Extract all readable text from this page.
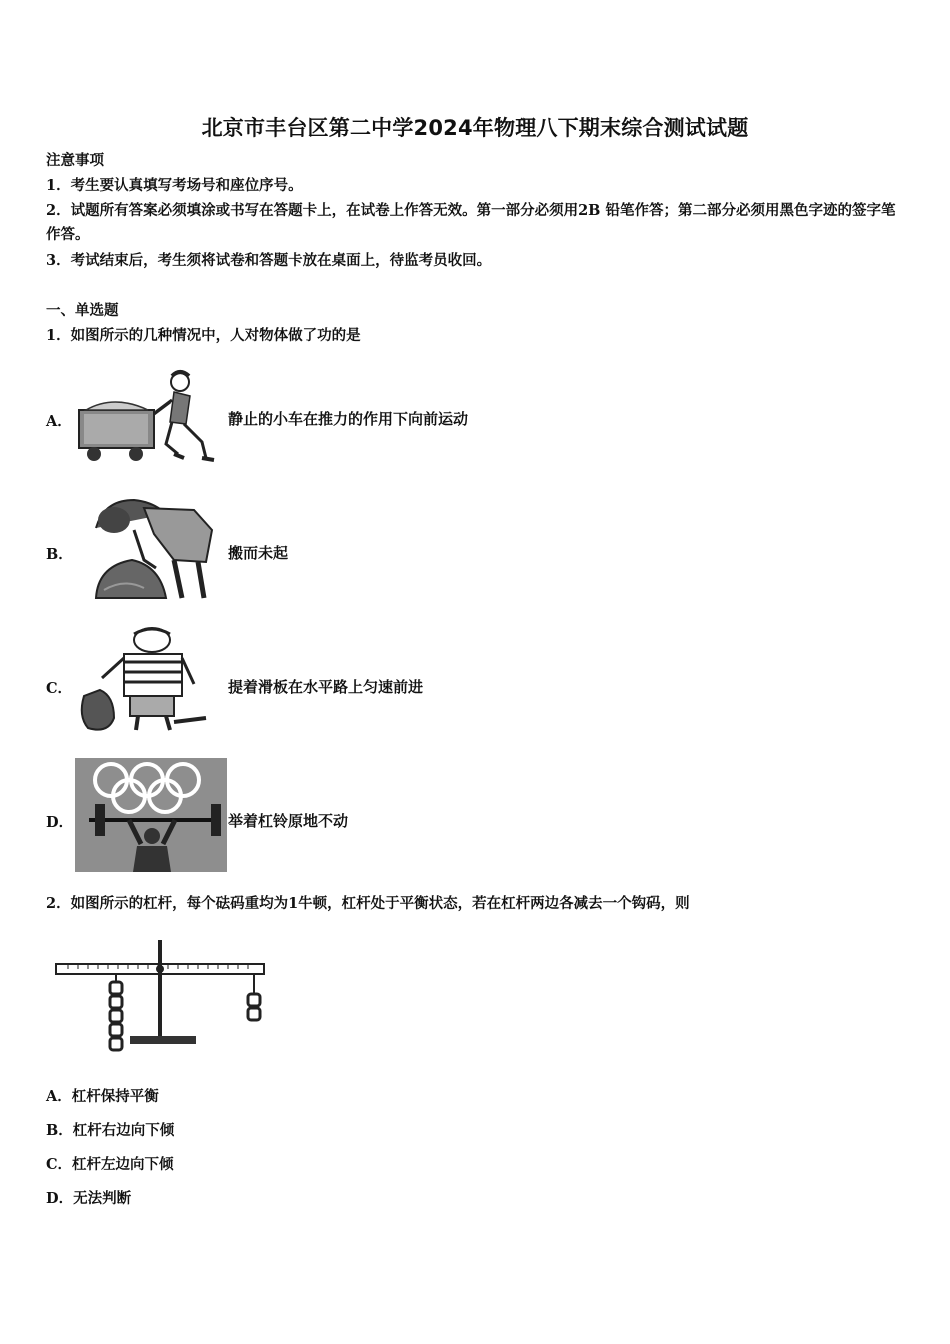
北京市丰台区第二中学2024年物理八下期末综合测试试题
注意事项
1．考生要认真填写考场号和座位序号。
2．试题所有答案必须填涂或书写在答题卡上，在试卷上作答无效。第一部分必须用2B 铅笔作答；第二部分必须用黑色字迹的签字笔作答。
3．考试结束后，考生须将试卷和答题卡放在桌面上，待监考员收回。
一、单选题
1．如图所示的几种情况中，人对物体做了功的是
A．	静止的小车在推力的作用下向前运动
B．	搬而未起
C．	提着滑板在水平路上匀速前进
D．	举着杠铃原地不动
2．如图所示的杠杆，每个砝码重均为1牛顿，杠杆处于平衡状态，若在杠杆两边各减去一个钩码，则
A．杠杆保持平衡
B．杠杆右边向下倾
C．杠杆左边向下倾
D．无法判断
